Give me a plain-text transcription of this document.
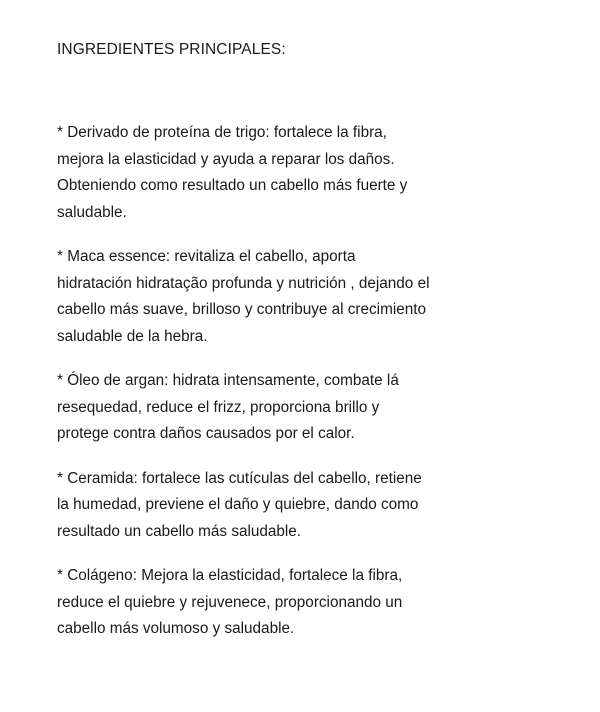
INGREDIENTES PRINCIPALES:
* Derivado de proteína de trigo: fortalece la fibra,
mejora la elasticidad y ayuda a reparar los daños.
Obteniendo como resultado un cabello más fuerte y
saludable.
* Maca essence: revitaliza el cabello, aporta
hidratación hidratação profunda y nutrición , dejando el
cabello más suave, brilloso y contribuye al crecimiento
saludable de la hebra.
* Óleo de argan: hidrata intensamente, combate lá
resequedad, reduce el frizz, proporciona brillo y
protege contra daños causados por el calor.
* Ceramida: fortalece las cutículas del cabello, retiene
la humedad, previene el daño y quiebre, dando como
resultado un cabello más saludable.
* Colágeno: Mejora la elasticidad, fortalece la fibra,
reduce el quiebre y rejuvenece, proporcionando un
cabello más volumoso y saludable.
